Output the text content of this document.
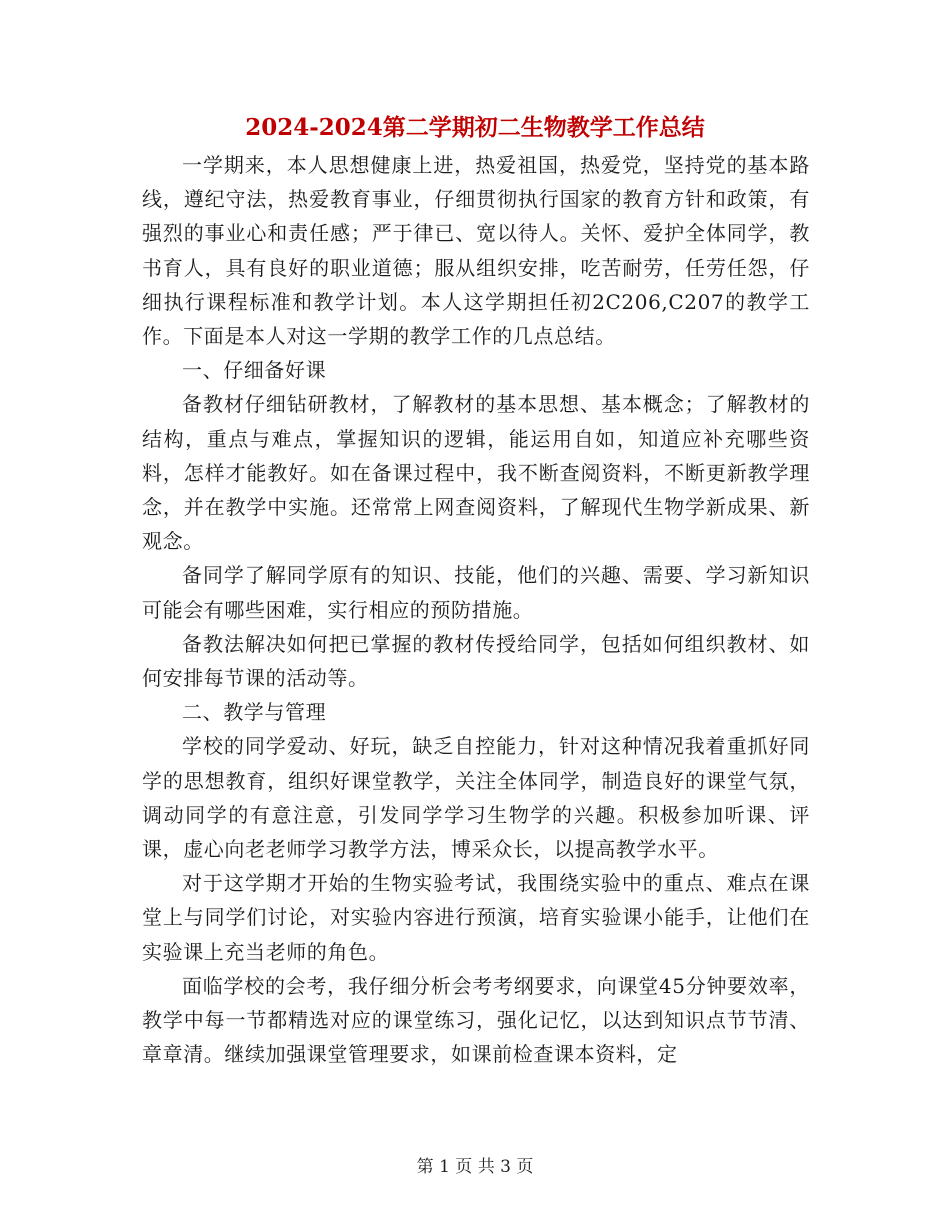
2024-2024第二学期初二生物教学工作总结

一学期来，本人思想健康上进，热爱祖国，热爱党，坚持党的基本路线，遵纪守法，热爱教育事业，仔细贯彻执行国家的教育方针和政策，有强烈的事业心和责任感；严于律已、宽以待人。关怀、爱护全体同学，教书育人，具有良好的职业道德；服从组织安排，吃苦耐劳，任劳任怨，仔细执行课程标准和教学计划。本人这学期担任初2C206,C207的教学工作。下面是本人对这一学期的教学工作的几点总结。

一、仔细备好课

备教材仔细钻研教材，了解教材的基本思想、基本概念；了解教材的结构，重点与难点，掌握知识的逻辑，能运用自如，知道应补充哪些资料，怎样才能教好。如在备课过程中，我不断查阅资料，不断更新教学理念，并在教学中实施。还常常上网查阅资料，了解现代生物学新成果、新观念。

备同学了解同学原有的知识、技能，他们的兴趣、需要、学习新知识可能会有哪些困难，实行相应的预防措施。

备教法解决如何把已掌握的教材传授给同学，包括如何组织教材、如何安排每节课的活动等。

二、教学与管理

学校的同学爱动、好玩，缺乏自控能力，针对这种情况我着重抓好同学的思想教育，组织好课堂教学，关注全体同学，制造良好的课堂气氛，调动同学的有意注意，引发同学学习生物学的兴趣。积极参加听课、评课，虚心向老老师学习教学方法，博采众长，以提高教学水平。

对于这学期才开始的生物实验考试，我围绕实验中的重点、难点在课堂上与同学们讨论，对实验内容进行预演，培育实验课小能手，让他们在实验课上充当老师的角色。

面临学校的会考，我仔细分析会考考纲要求，向课堂45分钟要效率，教学中每一节都精选对应的课堂练习，强化记忆，以达到知识点节节清、章章清。继续加强课堂管理要求，如课前检查课本资料，定

第 1 页 共 3 页
